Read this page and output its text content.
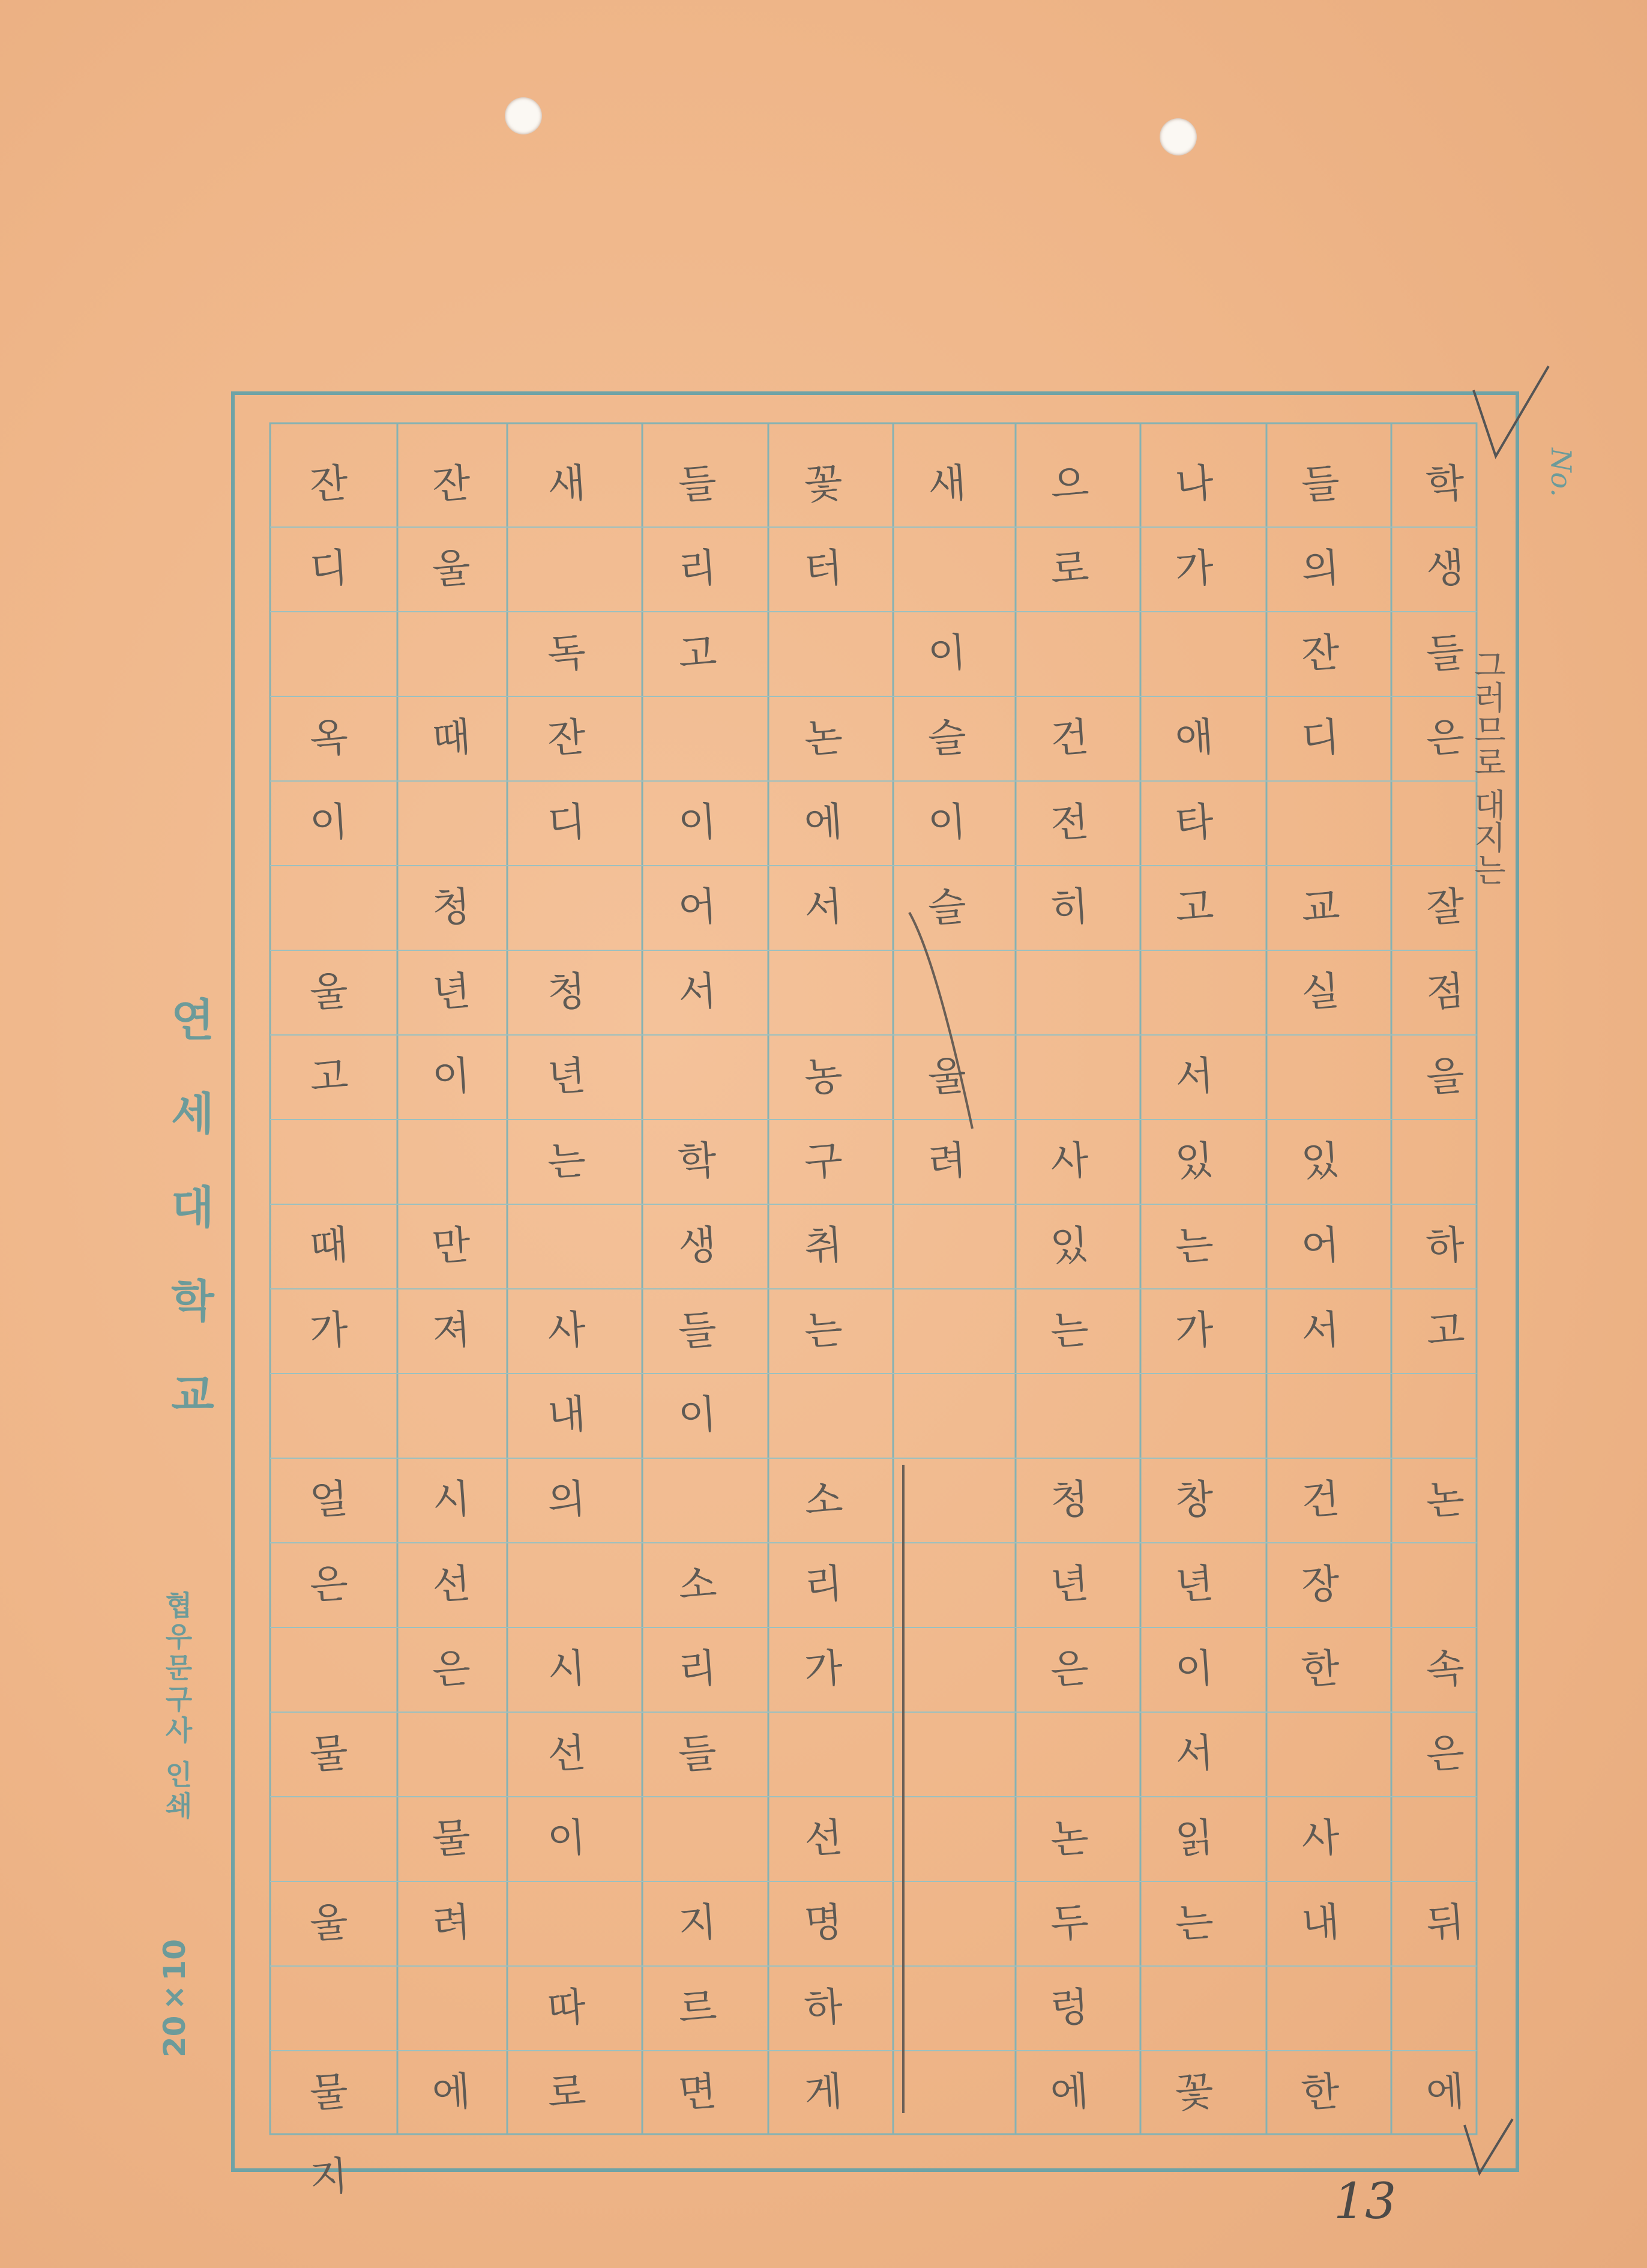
No.
학
생
들
은
잘
점
을
하
고
논
속
은
뒤
에
들
의
잔
디
교
실
있
어
서
건
장
한
사
내
한
나
가
애
타
고
서
있
는
가
창
년
이
서
읽
는
꽃
으
로
건
전
히
사
있
는
청
년
은
논
두
렁
에
새
이
슬
이
슬
울
려
꽃
터
논
에
서
농
구
취
는
소
리
가
선
명
하
게
들
리
고
이
어
서
학
생
들
이
소
리
들
지
르
면
새
독
잔
디
청
년
는
사
내
의
시
선
이
따
로
잔
울
때
청
년
이
만
져
시
선
은
물
려
에
잔
디
옥
이
울
고
때
가
얼
은
물
울
물
지
그러므로 대지는
연세대학교
협우문구사 인쇄
20×10
13
